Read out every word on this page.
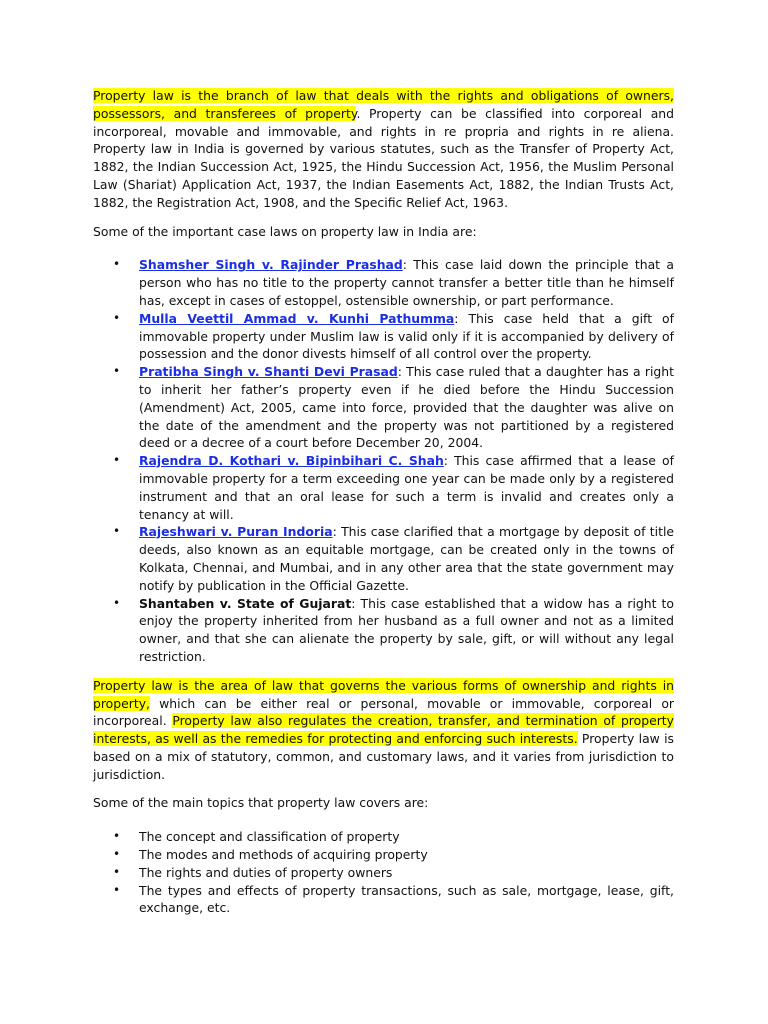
Property law is the branch of law that deals with the rights and obligations of owners, possessors, and transferees of property. Property can be classified into corporeal and incorporeal, movable and immovable, and rights in re propria and rights in re aliena. Property law in India is governed by various statutes, such as the Transfer of Property Act, 1882, the Indian Succession Act, 1925, the Hindu Succession Act, 1956, the Muslim Personal Law (Shariat) Application Act, 1937, the Indian Easements Act, 1882, the Indian Trusts Act, 1882, the Registration Act, 1908, and the Specific Relief Act, 1963.

Some of the important case laws on property law in India are:

• Shamsher Singh v. Rajinder Prashad: This case laid down the principle that a person who has no title to the property cannot transfer a better title than he himself has, except in cases of estoppel, ostensible ownership, or part performance.
• Mulla Veettil Ammad v. Kunhi Pathumma: This case held that a gift of immovable property under Muslim law is valid only if it is accompanied by delivery of possession and the donor divests himself of all control over the property.
• Pratibha Singh v. Shanti Devi Prasad: This case ruled that a daughter has a right to inherit her father’s property even if he died before the Hindu Succession (Amendment) Act, 2005, came into force, provided that the daughter was alive on the date of the amendment and the property was not partitioned by a registered deed or a decree of a court before December 20, 2004.
• Rajendra D. Kothari v. Bipinbihari C. Shah: This case affirmed that a lease of immovable property for a term exceeding one year can be made only by a registered instrument and that an oral lease for such a term is invalid and creates only a tenancy at will.
• Rajeshwari v. Puran Indoria: This case clarified that a mortgage by deposit of title deeds, also known as an equitable mortgage, can be created only in the towns of Kolkata, Chennai, and Mumbai, and in any other area that the state government may notify by publication in the Official Gazette.
• Shantaben v. State of Gujarat: This case established that a widow has a right to enjoy the property inherited from her husband as a full owner and not as a limited owner, and that she can alienate the property by sale, gift, or will without any legal restriction.

Property law is the area of law that governs the various forms of ownership and rights in property, which can be either real or personal, movable or immovable, corporeal or incorporeal. Property law also regulates the creation, transfer, and termination of property interests, as well as the remedies for protecting and enforcing such interests. Property law is based on a mix of statutory, common, and customary laws, and it varies from jurisdiction to jurisdiction.

Some of the main topics that property law covers are:

• The concept and classification of property
• The modes and methods of acquiring property
• The rights and duties of property owners
• The types and effects of property transactions, such as sale, mortgage, lease, gift, exchange, etc.
